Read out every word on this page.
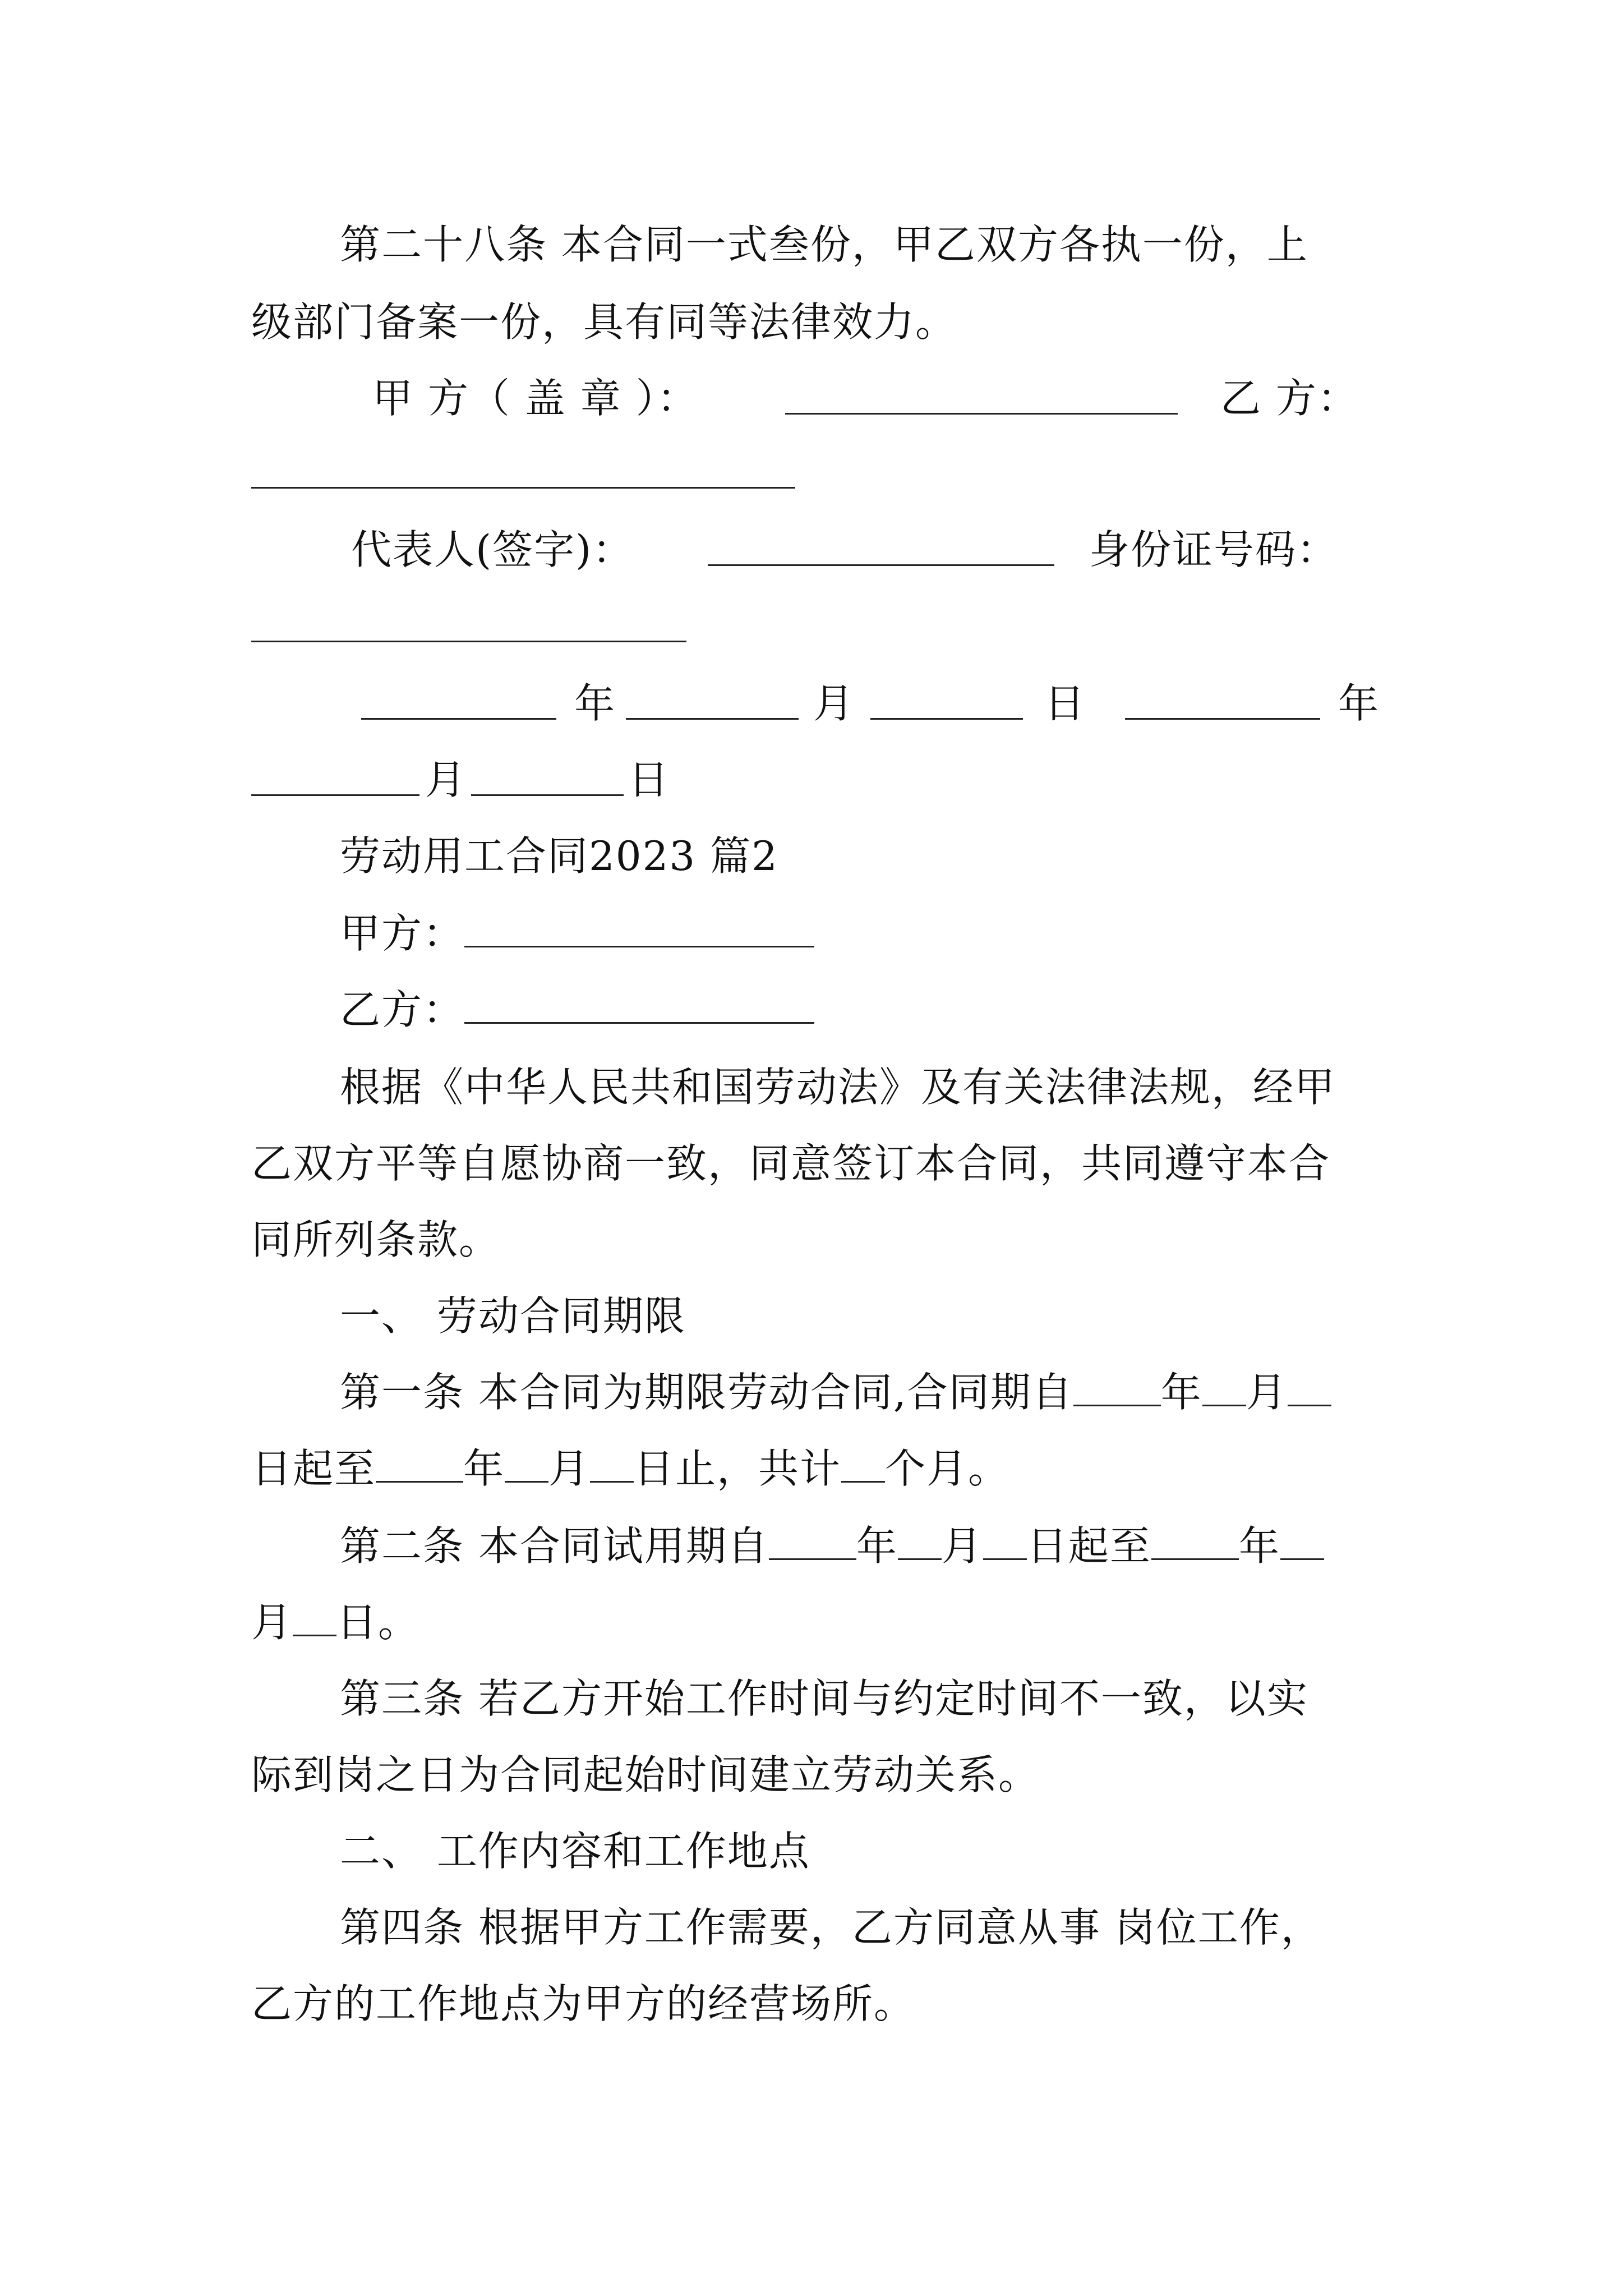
第二十八条 本合同一式叁份，甲乙双方各执一份，上

级部门备案一份，具有同等法律效力。

甲 方（ 盖 章 ）：	乙 方：
代表人(签字)：	身份证号码：
年	月	日	年
月	日

劳动用工合同2023 篇2

甲方：
乙方：

根据《中华人民共和国劳动法》及有关法律法规，经甲

乙双方平等自愿协商一致，同意签订本合同，共同遵守本合

同所列条款。

一、 劳动合同期限

第一条 本合同为期限劳动合同,合同期自 年 月
日起至 年 月 日止，共计 个月。
第二条 本合同试用期自 年 月 日起至 年
月 日。

第三条 若乙方开始工作时间与约定时间不一致，以实

际到岗之日为合同起始时间建立劳动关系。

二、 工作内容和工作地点

第四条 根据甲方工作需要，乙方同意从事 岗位工作，

乙方的工作地点为甲方的经营场所。
